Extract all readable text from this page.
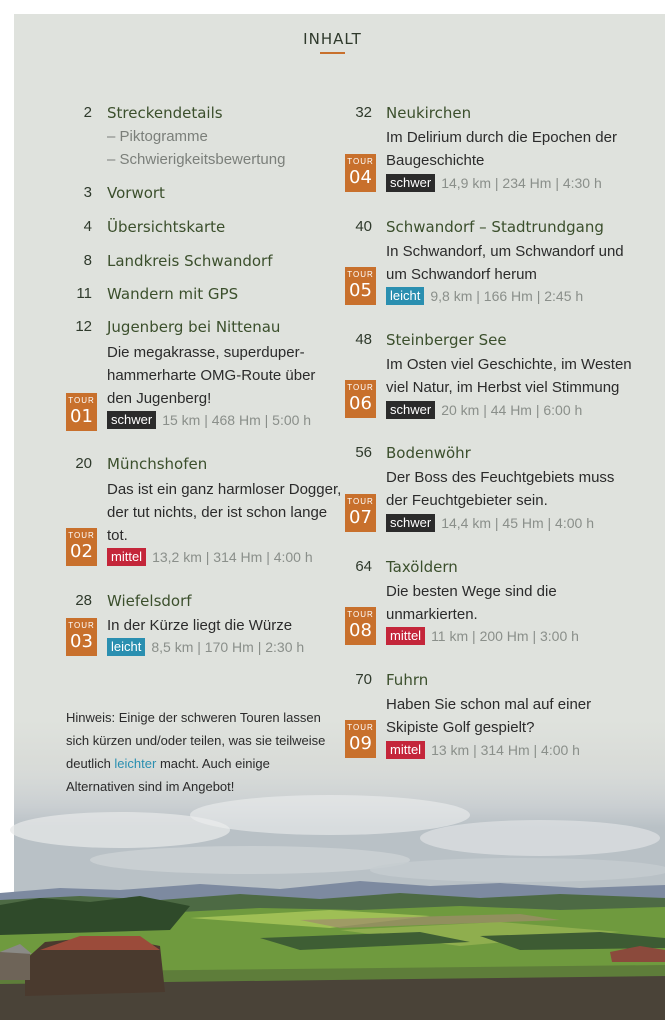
INHALT
2 Streckendetails
– Piktogramme
– Schwierigkeitsbewertung
3 Vorwort
4 Übersichtskarte
8 Landkreis Schwandorf
11 Wandern mit GPS
12 Jugenberg bei Nittenau
Die megakrasse, superduper-
hammerharte OMG-Route über
den Jugenberg!
TOUR
01	schwer 15 km | 468 Hm | 5:00 h
20 Münchshofen
Das ist ein ganz harmloser Dogger,
der tut nichts, der ist schon lange
tot.
TOUR
02	mittel 13,2 km | 314 Hm | 4:00 h
28 Wiefelsdorf
In der Kürze liegt die Würze
TOUR
03	leicht 8,5 km | 170 Hm | 2:30 h
32 Neukirchen
Im Delirium durch die Epochen der
Baugeschichte
TOUR
04	schwer 14,9 km | 234 Hm | 4:30 h
40 Schwandorf – Stadtrundgang
In Schwandorf, um Schwandorf und
um Schwandorf herum
TOUR
05	leicht 9,8 km | 166 Hm | 2:45 h
48 Steinberger See
Im Osten viel Geschichte, im Westen
viel Natur, im Herbst viel Stimmung
TOUR
06	schwer 20 km | 44 Hm | 6:00 h
56 Bodenwöhr
Der Boss des Feuchtgebiets muss
der Feuchtgebieter sein.
TOUR
07	schwer 14,4 km | 45 Hm | 4:00 h
64 Taxöldern
Die besten Wege sind die
unmarkierten.
TOUR
08	mittel 11 km | 200 Hm | 3:00 h
70 Fuhrn
Haben Sie schon mal auf einer
Skipiste Golf gespielt?
TOUR
09	mittel 13 km | 314 Hm | 4:00 h
Hinweis: Einige der schweren Touren lassen sich kürzen und/oder teilen, was sie teilweise deutlich leichter macht. Auch einige Alternativen sind im Angebot!
